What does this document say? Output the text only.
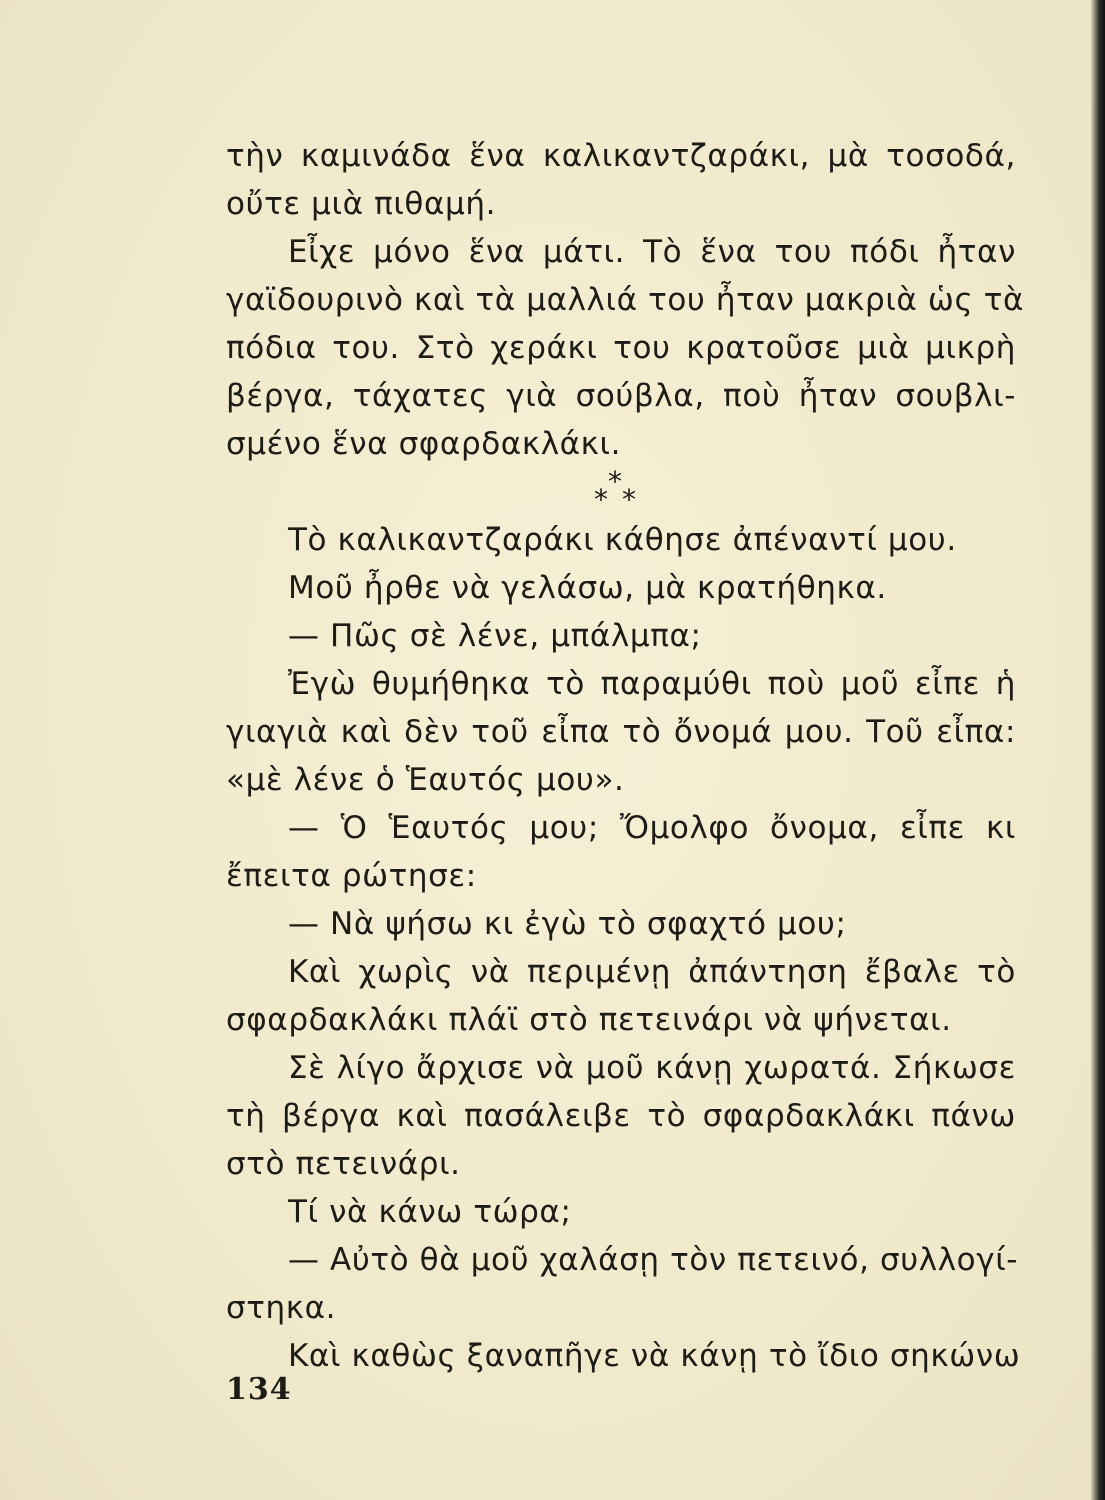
τὴν καμινάδα ἕνα καλικαντζαράκι, μὰ τοσοδά,
οὔτε μιὰ πιθαμή.
Εἶχε μόνο ἕνα μάτι. Τὸ ἕνα του πόδι ἦταν
γαϊδουρινὸ καὶ τὰ μαλλιά του ἦταν μακριὰ ὡς τὰ
πόδια του. Στὸ χεράκι του κρατοῦσε μιὰ μικρὴ
βέργα, τάχατες γιὰ σούβλα, ποὺ ἦταν σουβλι-
σμένο ἕνα σφαρδακλάκι.
*
* *
Τὸ καλικαντζαράκι κάθησε ἀπέναντί μου.
Μοῦ ἦρθε νὰ γελάσω, μὰ κρατήθηκα.
— Πῶς σὲ λένε, μπάλμπα;
Ἐγὼ θυμήθηκα τὸ παραμύθι ποὺ μοῦ εἶπε ἡ
γιαγιὰ καὶ δὲν τοῦ εἶπα τὸ ὄνομά μου. Τοῦ εἶπα:
«μὲ λένε ὁ Ἑαυτός μου».
— Ὁ Ἑαυτός μου; Ὄμολφο ὄνομα, εἶπε κι
ἔπειτα ρώτησε:
— Νὰ ψήσω κι ἐγὼ τὸ σφαχτό μου;
Καὶ χωρὶς νὰ περιμένῃ ἀπάντηση ἔβαλε τὸ
σφαρδακλάκι πλάϊ στὸ πετεινάρι νὰ ψήνεται.
Σὲ λίγο ἄρχισε νὰ μοῦ κάνῃ χωρατά. Σήκωσε
τὴ βέργα καὶ πασάλειβε τὸ σφαρδακλάκι πάνω
στὸ πετεινάρι.
Τί νὰ κάνω τώρα;
— Αὐτὸ θὰ μοῦ χαλάσῃ τὸν πετεινό, συλλογί-
στηκα.
Καὶ καθὼς ξαναπῆγε νὰ κάνῃ τὸ ἴδιο σηκώνω
134
